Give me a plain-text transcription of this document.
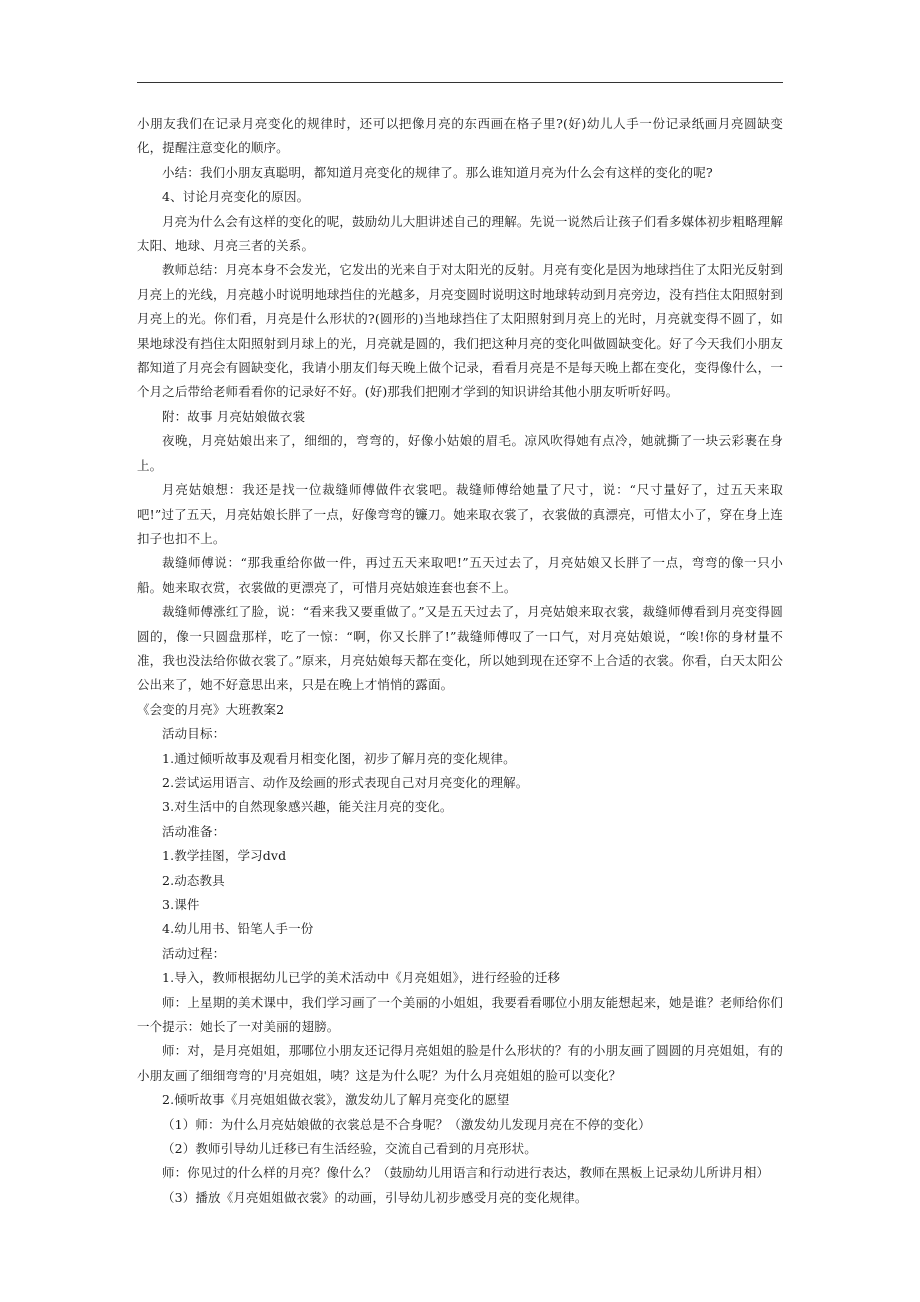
小朋友我们在记录月亮变化的规律时，还可以把像月亮的东西画在格子里?(好)幼儿人手一份记录纸画月亮圆缺变化，提醒注意变化的顺序。

小结：我们小朋友真聪明，都知道月亮变化的规律了。那么谁知道月亮为什么会有这样的变化的呢?

4、讨论月亮变化的原因。

月亮为什么会有这样的变化的呢，鼓励幼儿大胆讲述自己的理解。先说一说然后让孩子们看多媒体初步粗略理解太阳、地球、月亮三者的关系。

教师总结：月亮本身不会发光，它发出的光来自于对太阳光的反射。月亮有变化是因为地球挡住了太阳光反射到月亮上的光线，月亮越小时说明地球挡住的光越多，月亮变圆时说明这时地球转动到月亮旁边，没有挡住太阳照射到月亮上的光。你们看，月亮是什么形状的?(圆形的)当地球挡住了太阳照射到月亮上的光时，月亮就变得不圆了，如果地球没有挡住太阳照射到月球上的光，月亮就是圆的，我们把这种月亮的变化叫做圆缺变化。好了今天我们小朋友都知道了月亮会有圆缺变化，我请小朋友们每天晚上做个记录，看看月亮是不是每天晚上都在变化，变得像什么，一个月之后带给老师看看你的记录好不好。(好)那我们把刚才学到的知识讲给其他小朋友听听好吗。

附：故事 月亮姑娘做衣裳

夜晚，月亮姑娘出来了，细细的，弯弯的，好像小姑娘的眉毛。凉风吹得她有点冷，她就撕了一块云彩裹在身上。

月亮姑娘想：我还是找一位裁缝师傅做件衣裳吧。裁缝师傅给她量了尺寸，说：“尺寸量好了，过五天来取吧!”过了五天，月亮姑娘长胖了一点，好像弯弯的镰刀。她来取衣裳了，衣裳做的真漂亮，可惜太小了，穿在身上连扣子也扣不上。

裁缝师傅说：“那我重给你做一件，再过五天来取吧!”五天过去了，月亮姑娘又长胖了一点，弯弯的像一只小船。她来取衣赏，衣裳做的更漂亮了，可惜月亮姑娘连套也套不上。

裁缝师傅涨红了脸，说：“看来我又要重做了。”又是五天过去了，月亮姑娘来取衣裳，裁缝师傅看到月亮变得圆圆的，像一只圆盘那样，吃了一惊：“啊，你又长胖了!”裁缝师傅叹了一口气，对月亮姑娘说，“唉!你的身材量不准，我也没法给你做衣裳了。”原来，月亮姑娘每天都在变化，所以她到现在还穿不上合适的衣裳。你看，白天太阳公公出来了，她不好意思出来，只是在晚上才悄悄的露面。

《会变的月亮》大班教案2

活动目标：

1.通过倾听故事及观看月相变化图，初步了解月亮的变化规律。

2.尝试运用语言、动作及绘画的形式表现自己对月亮变化的理解。

3.对生活中的自然现象感兴趣，能关注月亮的变化。

活动准备：

1.教学挂图，学习dvd

2.动态教具

3.课件

4.幼儿用书、铅笔人手一份

活动过程：

1.导入，教师根据幼儿已学的美术活动中《月亮姐姐》，进行经验的迁移

师：上星期的美术课中，我们学习画了一个美丽的小姐姐，我要看看哪位小朋友能想起来，她是谁？老师给你们一个提示：她长了一对美丽的翅膀。

师：对，是月亮姐姐，那哪位小朋友还记得月亮姐姐的脸是什么形状的？有的小朋友画了圆圆的月亮姐姐，有的小朋友画了细细弯弯的'月亮姐姐，咦？这是为什么呢？为什么月亮姐姐的脸可以变化？

2.倾听故事《月亮姐姐做衣裳》，激发幼儿了解月亮变化的愿望

（1）师：为什么月亮姑娘做的衣裳总是不合身呢？（激发幼儿发现月亮在不停的变化）

（2）教师引导幼儿迁移已有生活经验，交流自己看到的月亮形状。

师：你见过的什么样的月亮？像什么？（鼓励幼儿用语言和行动进行表达，教师在黑板上记录幼儿所讲月相）

（3）播放《月亮姐姐做衣裳》的动画，引导幼儿初步感受月亮的变化规律。
